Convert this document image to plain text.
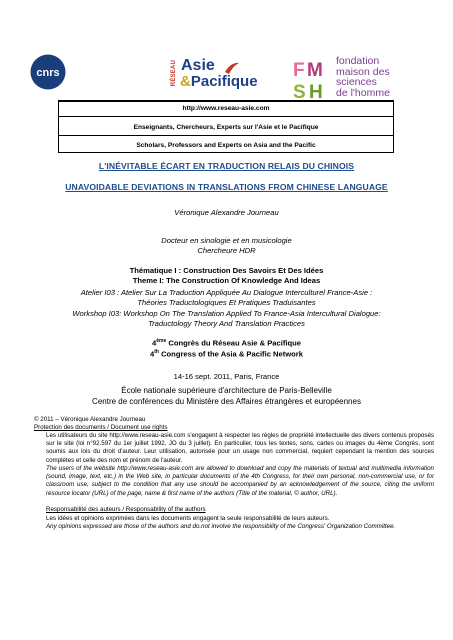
cnrs	RÉSEAU Asie
&Pacifique
F M
S H
fondation
maison des
sciences
de l'homme
http://www.reseau-asie.com
Enseignants, Chercheurs, Experts sur l'Asie et le Pacifique
Scholars, Professors and Experts on Asia and the Pacific
L'INÉVITABLE ÉCART EN TRADUCTION RELAIS DU CHINOIS
UNAVOIDABLE DEVIATIONS IN TRANSLATIONS FROM CHINESE LANGUAGE
Véronique Alexandre Journeau
Docteur en sinologie et en musicologie
Chercheure HDR
Thématique I : Construction Des Savoirs Et Des Idées
Theme I: The Construction Of Knowledge And Ideas
Atelier I03 : Atelier Sur La Traduction Appliquée Au Dialogue Interculturel France-Asie :
Théories Traductologiques Et Pratiques Traduisantes
Workshop I03: Workshop On The Translation Applied To France-Asia Intercultural Dialogue:
Traductology Theory And Translation Practices
4ème Congrès du Réseau Asie & Pacifique
4th Congress of the Asia & Pacific Network
14-16 sept. 2011, Paris, France
École nationale supérieure d'architecture de Paris-Belleville
Centre de conférences du Ministère des Affaires étrangères et européennes
© 2011 – Véronique Alexandre Journeau
Protection des documents / Document use rights
Les utilisateurs du site http://www.reseau-asie.com s'engagent à respecter les règles de propriété intellectuelle des divers contenus proposés sur le site (loi n°92.597 du 1er juillet 1992, JO du 3 juillet). En particulier, tous les textes, sons, cartes ou images du 4ème Congrès, sont soumis aux lois du droit d'auteur. Leur utilisation, autorisée pour un usage non commercial, requiert cependant la mention des sources complètes et celle des nom et prénom de l'auteur.
The users of the website http://www.reseau-asie.com are allowed to download and copy the materials of textual and multimedia information (sound, image, text, etc.) in the Web site, in particular documents of the 4th Congress, for their own personal, non-commercial use, or for classroom use, subject to the condition that any use should be accompanied by an acknowledgement of the source, citing the uniform resource locator (URL) of the page, name & first name of the authors (Title of the material, © author, URL).
Responsabilité des auteurs / Responsability of the authors
Les idées et opinions exprimées dans les documents engagent la seule responsabilité de leurs auteurs.
Any opinions expressed are those of the authors and do.not involve the responsibility of the Congress' Organization Committee.
